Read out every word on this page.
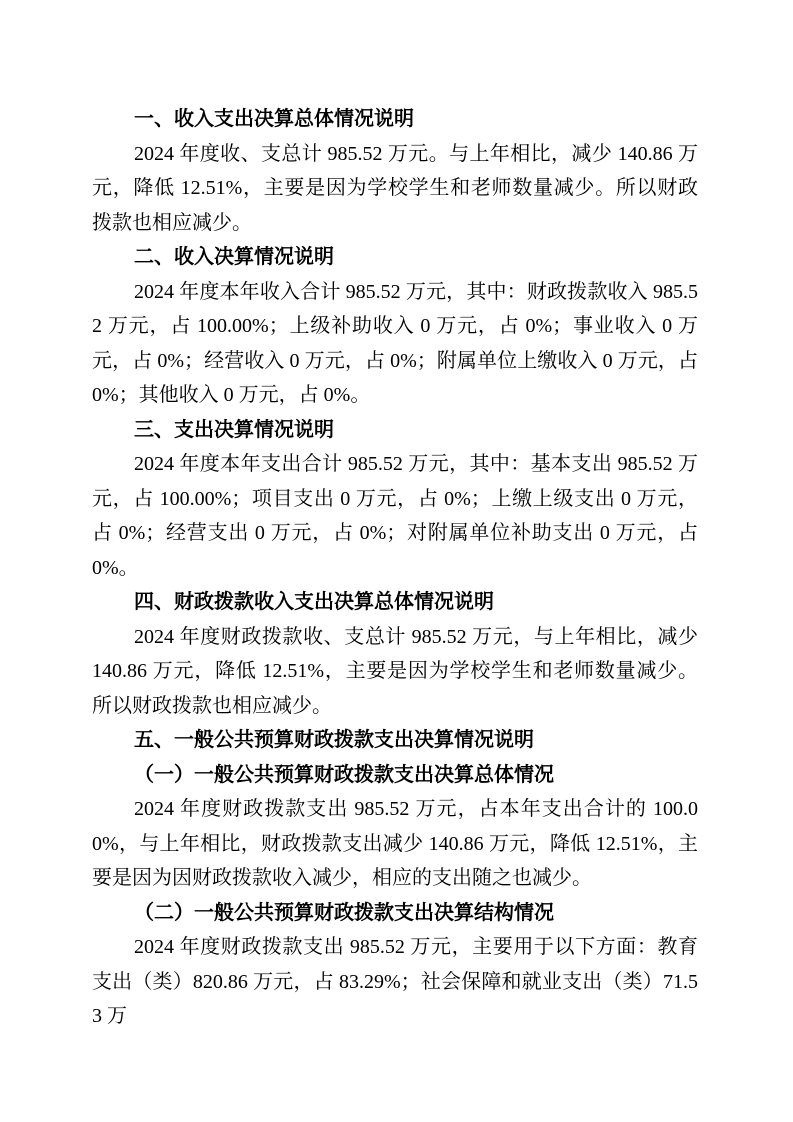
一、收入支出决算总体情况说明

2024 年度收、支总计 985.52 万元。与上年相比，减少 140.86 万元，降低 12.51%，主要是因为学校学生和老师数量减少。所以财政拨款也相应减少。

二、收入决算情况说明

2024 年度本年收入合计 985.52 万元，其中：财政拨款收入 985.52 万元，占 100.00%；上级补助收入 0 万元，占 0%；事业收入 0 万元，占 0%；经营收入 0 万元，占 0%；附属单位上缴收入 0 万元，占 0%；其他收入 0 万元，占 0%。

三、支出决算情况说明

2024 年度本年支出合计 985.52 万元，其中：基本支出 985.52 万元，占 100.00%；项目支出 0 万元，占 0%；上缴上级支出 0 万元，占 0%；经营支出 0 万元，占 0%；对附属单位补助支出 0 万元，占 0%。

四、财政拨款收入支出决算总体情况说明

2024 年度财政拨款收、支总计 985.52 万元，与上年相比，减少 140.86 万元，降低 12.51%，主要是因为学校学生和老师数量减少。所以财政拨款也相应减少。

五、一般公共预算财政拨款支出决算情况说明
（一）一般公共预算财政拨款支出决算总体情况

2024 年度财政拨款支出 985.52 万元，占本年支出合计的 100.00%，与上年相比，财政拨款支出减少 140.86 万元，降低 12.51%，主要是因为因财政拨款收入减少，相应的支出随之也减少。

（二）一般公共预算财政拨款支出决算结构情况

2024 年度财政拨款支出 985.52 万元，主要用于以下方面：教育支出（类）820.86 万元，占 83.29%；社会保障和就业支出（类）71.53 万
